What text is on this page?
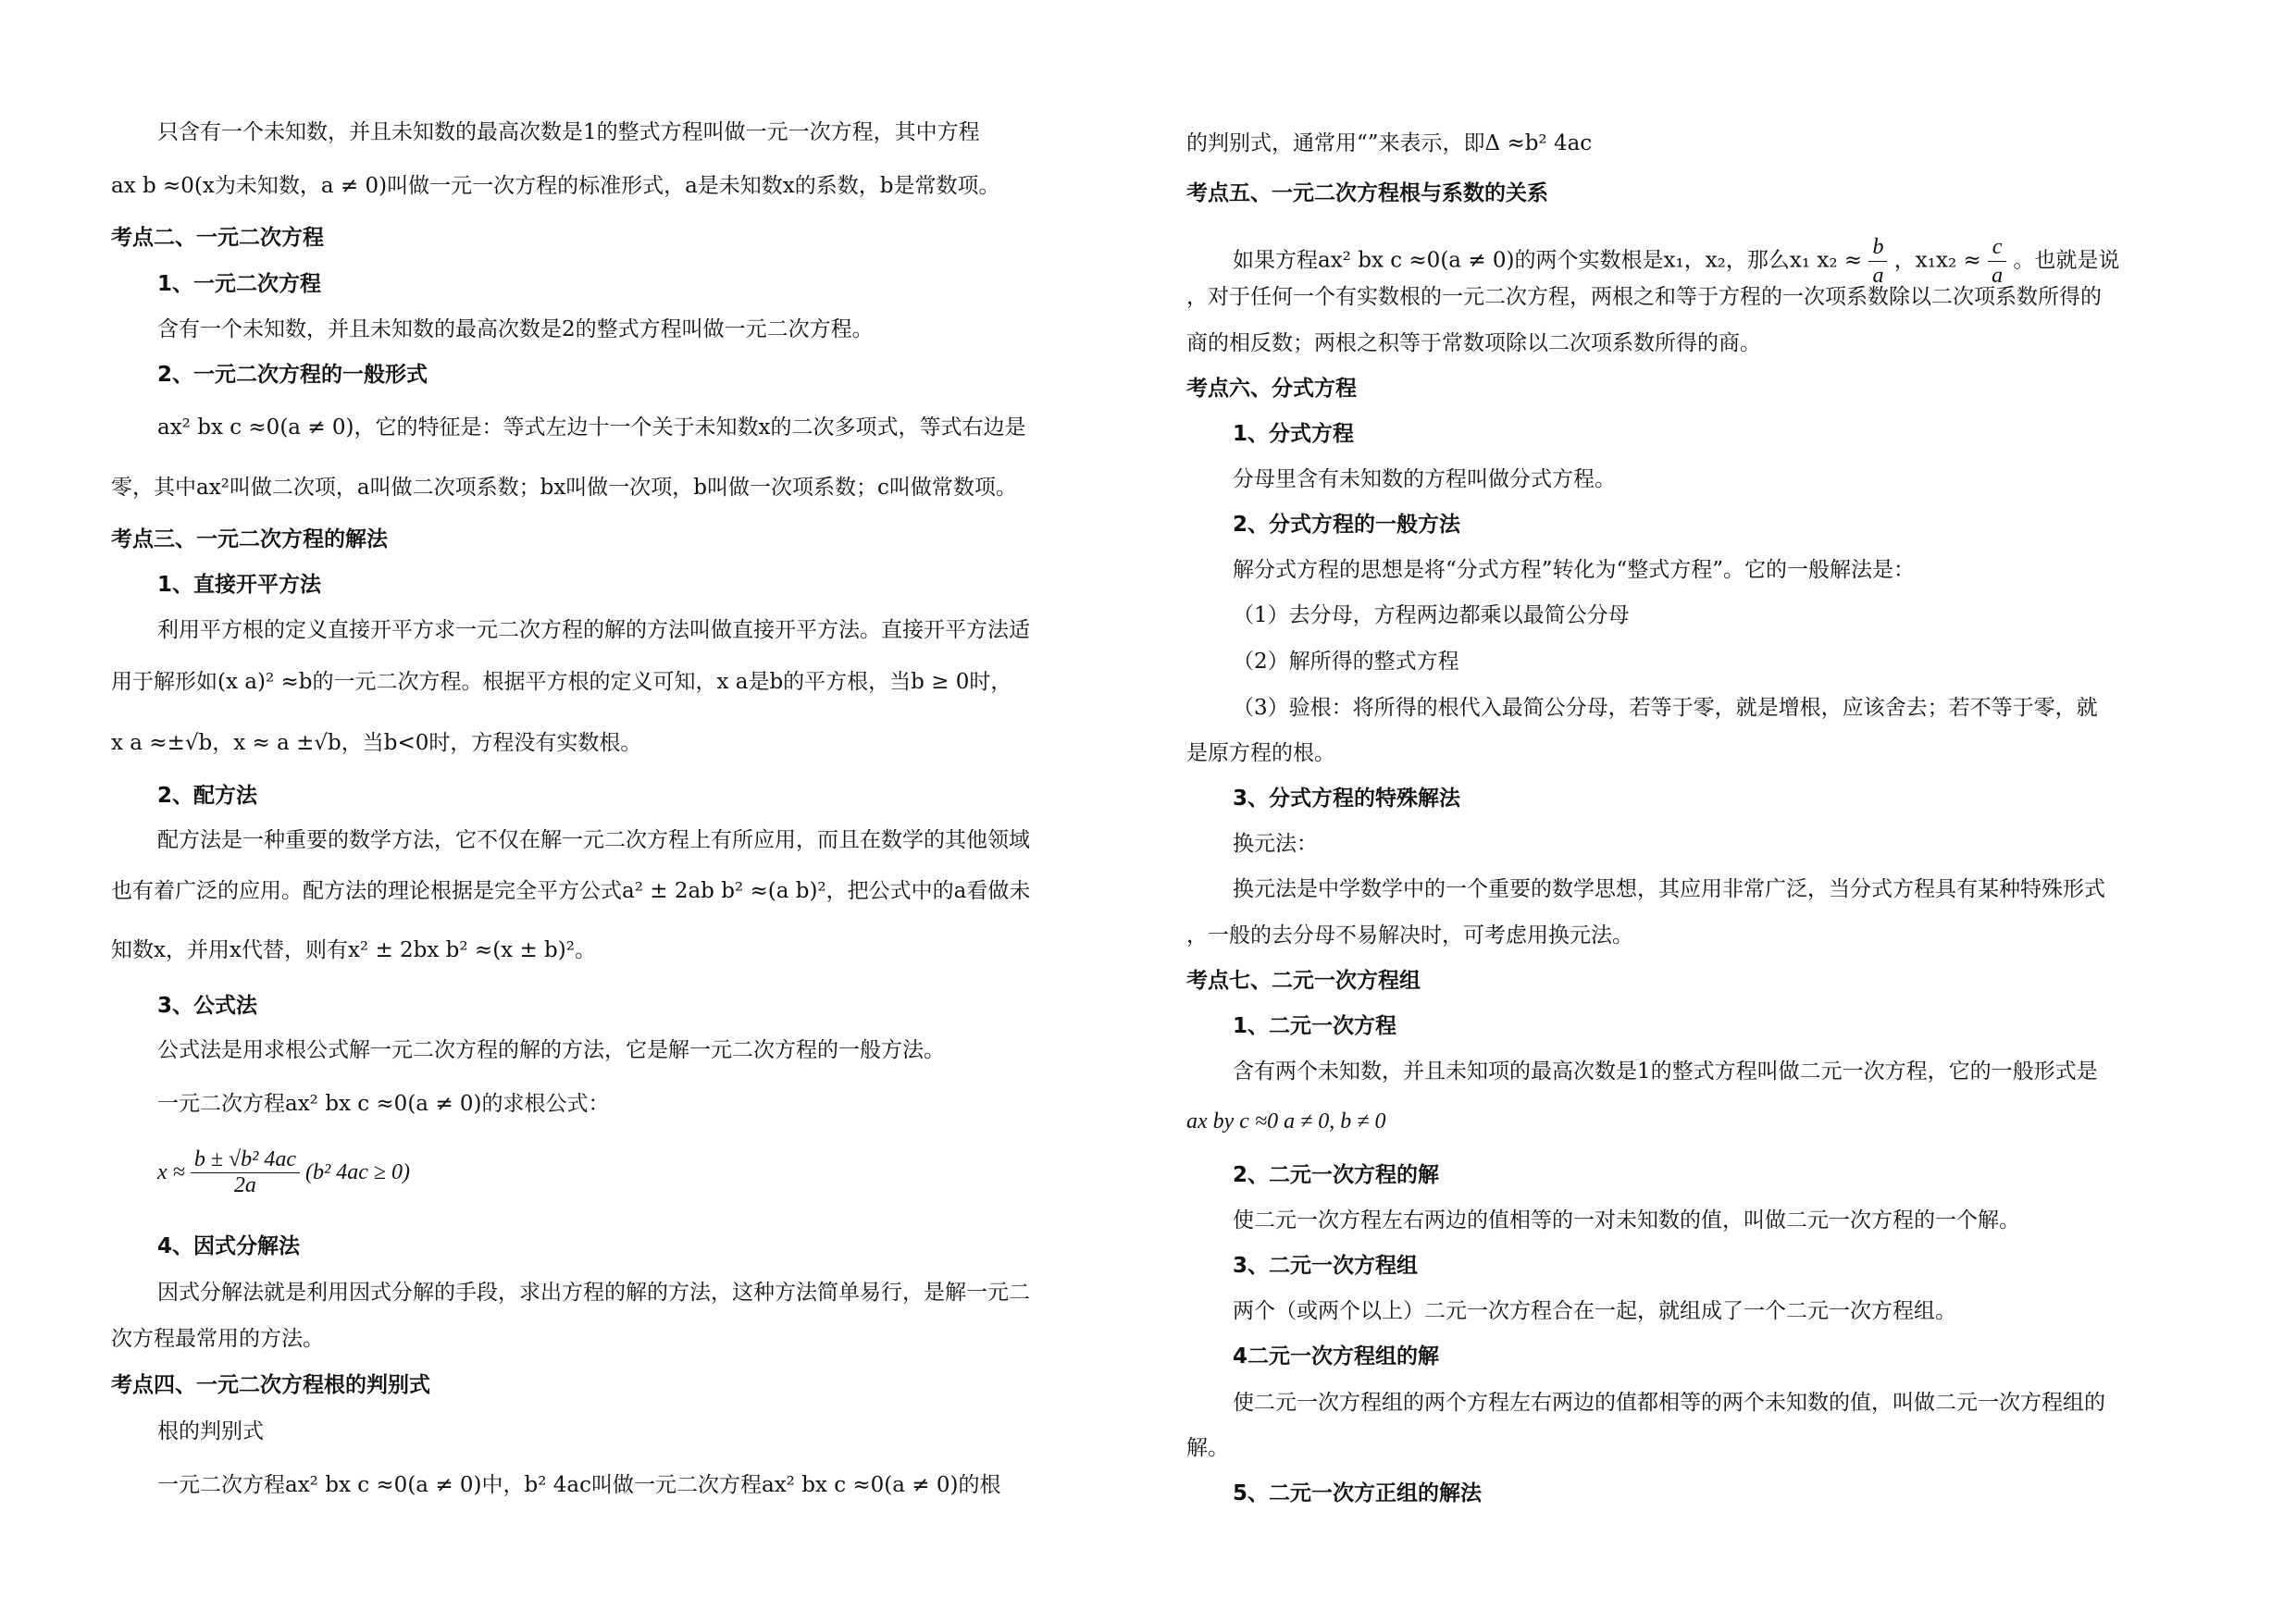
只含有一个未知数，并且未知数的最高次数是1的整式方程叫做一元一次方程，其中方程
ax b ≈0(x为未知数，a ≠ 0)叫做一元一次方程的标准形式，a是未知数x的系数，b是常数项。
考点二、一元二次方程
1、一元二次方程
含有一个未知数，并且未知数的最高次数是2的整式方程叫做一元二次方程。
2、一元二次方程的一般形式
ax² bx c ≈0(a ≠ 0)，它的特征是：等式左边十一个关于未知数x的二次多项式，等式右边是
零，其中ax²叫做二次项，a叫做二次项系数；bx叫做一次项，b叫做一次项系数；c叫做常数项。
考点三、一元二次方程的解法
1、直接开平方法
利用平方根的定义直接开平方求一元二次方程的解的方法叫做直接开平方法。直接开平方法适
用于解形如(x a)² ≈b的一元二次方程。根据平方根的定义可知，x a是b的平方根，当b ≥ 0时，
x a ≈±√b，x ≈ a ±√b，当b<0时，方程没有实数根。
2、配方法
配方法是一种重要的数学方法，它不仅在解一元二次方程上有所应用，而且在数学的其他领域
也有着广泛的应用。配方法的理论根据是完全平方公式a² ± 2ab b² ≈(a b)²，把公式中的a看做未
知数x，并用x代替，则有x² ± 2bx b² ≈(x ± b)²。
3、公式法
公式法是用求根公式解一元二次方程的解的方法，它是解一元二次方程的一般方法。
一元二次方程ax² bx c ≈0(a ≠ 0)的求根公式：
$x \approx \frac{\text{b ± √b² 4ac}}{2a} (b^2$ 4ac ≥ 0)
4、因式分解法
因式分解法就是利用因式分解的手段，求出方程的解的方法，这种方法简单易行，是解一元二
次方程最常用的方法。
考点四、一元二次方程根的判别式
根的判别式
一元二次方程ax² bx c ≈0(a ≠ 0)中，b² 4ac叫做一元二次方程ax² bx c ≈0(a ≠ 0)的根
的判别式，通常用“”来表示，即Δ ≈b² 4ac
考点五、一元二次方程根与系数的关系
如果方程ax² bx c ≈0(a ≠ 0)的两个实数根是x₁，x₂，那么x₁ $x_2 \approx \frac{b}{a}$ ，$x_1x_2 \approx \frac{c}{a}$ 。也就是说
，对于任何一个有实数根的一元二次方程，两根之和等于方程的一次项系数除以二次项系数所得的
商的相反数；两根之积等于常数项除以二次项系数所得的商。
考点六、分式方程
1、分式方程
分母里含有未知数的方程叫做分式方程。
2、分式方程的一般方法
解分式方程的思想是将“分式方程”转化为“整式方程”。它的一般解法是：
（1）去分母，方程两边都乘以最简公分母
（2）解所得的整式方程
（3）验根：将所得的根代入最简公分母，若等于零，就是增根，应该舍去；若不等于零，就
是原方程的根。
3、分式方程的特殊解法
换元法：
换元法是中学数学中的一个重要的数学思想，其应用非常广泛，当分式方程具有某种特殊形式
，一般的去分母不易解决时，可考虑用换元法。
考点七、二元一次方程组
1、二元一次方程
含有两个未知数，并且未知项的最高次数是1的整式方程叫做二元一次方程，它的一般形式是
ax by c ≈0 a ≠ 0, b ≠ 0
2、二元一次方程的解
使二元一次方程左右两边的值相等的一对未知数的值，叫做二元一次方程的一个解。
3、二元一次方程组
两个（或两个以上）二元一次方程合在一起，就组成了一个二元一次方程组。
4二元一次方程组的解
使二元一次方程组的两个方程左右两边的值都相等的两个未知数的值，叫做二元一次方程组的
解。
5、二元一次方正组的解法
